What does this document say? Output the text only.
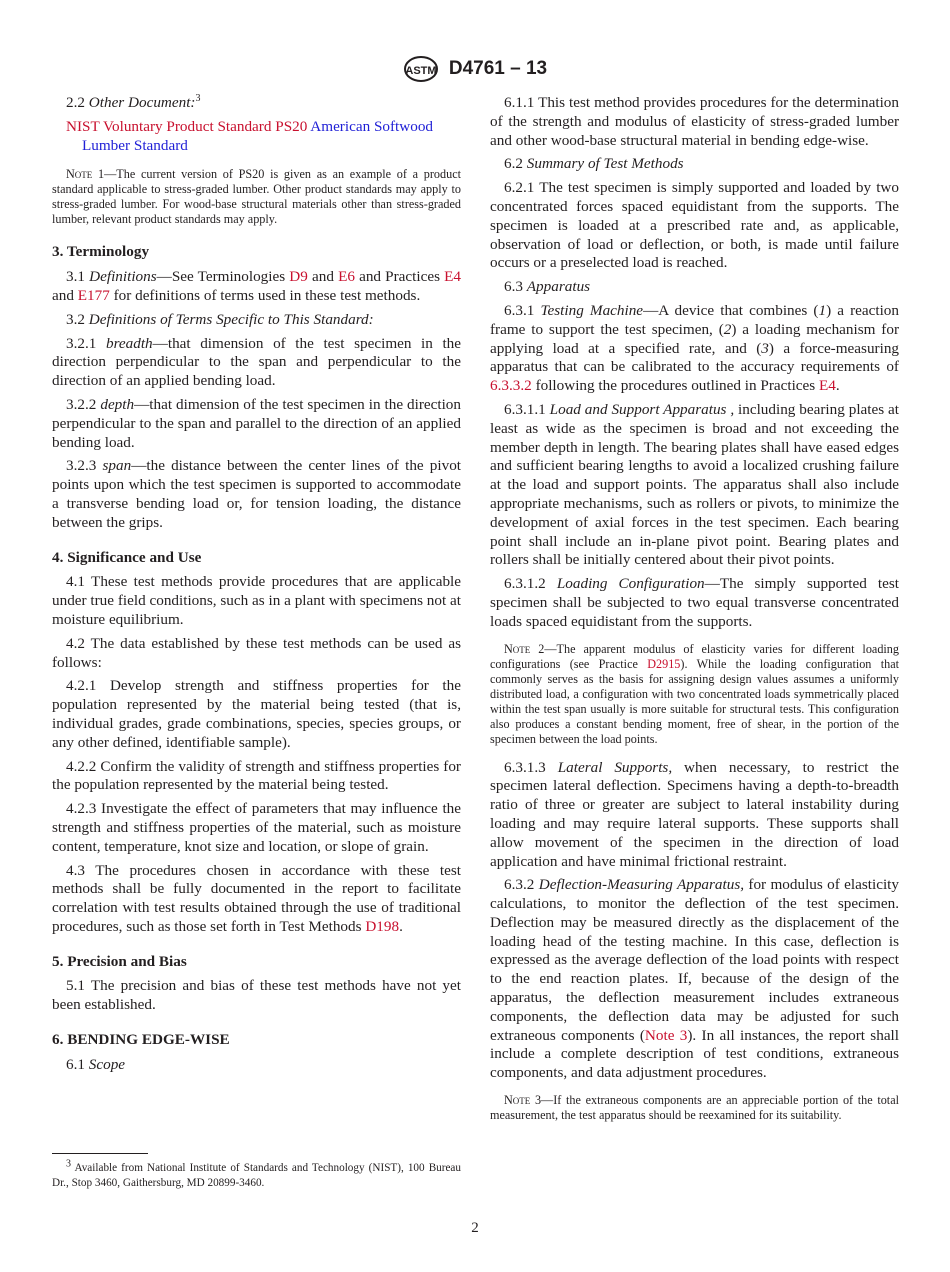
ASTM D4761 – 13

2.2 Other Document:$^3$

NIST Voluntary Product Standard PS20 American Softwood Lumber Standard

Note 1—The current version of PS20 is given as an example of a product standard applicable to stress-graded lumber. Other product standards may apply to stress-graded lumber. For wood-base structural materials other than stress-graded lumber, relevant product standards may apply.

3. Terminology

3.1 Definitions—See Terminologies D9 and E6 and Practices E4 and E177 for definitions of terms used in these test methods.

3.2 Definitions of Terms Specific to This Standard:

3.2.1 breadth—that dimension of the test specimen in the direction perpendicular to the span and perpendicular to the direction of an applied bending load.

3.2.2 depth—that dimension of the test specimen in the direction perpendicular to the span and parallel to the direction of an applied bending load.

3.2.3 span—the distance between the center lines of the pivot points upon which the test specimen is supported to accommodate a transverse bending load or, for tension loading, the distance between the grips.

4. Significance and Use

4.1 These test methods provide procedures that are applicable under true field conditions, such as in a plant with specimens not at moisture equilibrium.

4.2 The data established by these test methods can be used as follows:

4.2.1 Develop strength and stiffness properties for the population represented by the material being tested (that is, individual grades, grade combinations, species, species groups, or any other defined, identifiable sample).

4.2.2 Confirm the validity of strength and stiffness properties for the population represented by the material being tested.

4.2.3 Investigate the effect of parameters that may influence the strength and stiffness properties of the material, such as moisture content, temperature, knot size and location, or slope of grain.

4.3 The procedures chosen in accordance with these test methods shall be fully documented in the report to facilitate correlation with test results obtained through the use of traditional procedures, such as those set forth in Test Methods D198.

5. Precision and Bias

5.1 The precision and bias of these test methods have not yet been established.

6. BENDING EDGE-WISE

6.1 Scope

6.1.1 This test method provides procedures for the determination of the strength and modulus of elasticity of stress-graded lumber and other wood-base structural material in bending edge-wise.

6.2 Summary of Test Methods

6.2.1 The test specimen is simply supported and loaded by two concentrated forces spaced equidistant from the supports. The specimen is loaded at a prescribed rate and, as applicable, observation of load or deflection, or both, is made until failure occurs or a preselected load is reached.

6.3 Apparatus

6.3.1 Testing Machine—A device that combines (1) a reaction frame to support the test specimen, (2) a loading mechanism for applying load at a specified rate, and (3) a force-measuring apparatus that can be calibrated to the accuracy requirements of 6.3.3.2 following the procedures outlined in Practices E4.

6.3.1.1 Load and Support Apparatus , including bearing plates at least as wide as the specimen is broad and not exceeding the member depth in length. The bearing plates shall have eased edges and sufficient bearing lengths to avoid a localized crushing failure at the load and support points. The apparatus shall also include appropriate mechanisms, such as rollers or pivots, to minimize the development of axial forces in the test specimen. Each bearing point shall include an in-plane pivot point. Bearing plates and rollers shall be initially centered about their pivot points.

6.3.1.2 Loading Configuration—The simply supported test specimen shall be subjected to two equal transverse concentrated loads spaced equidistant from the supports.

Note 2—The apparent modulus of elasticity varies for different loading configurations (see Practice D2915). While the loading configuration that commonly serves as the basis for assigning design values assumes a uniformly distributed load, a configuration with two concentrated loads symmetrically placed within the test span usually is more suitable for structural tests. This configuration also produces a constant bending moment, free of shear, in the portion of the specimen between the load points.

6.3.1.3 Lateral Supports, when necessary, to restrict the specimen lateral deflection. Specimens having a depth-to-breadth ratio of three or greater are subject to lateral instability during loading and may require lateral supports. These supports shall allow movement of the specimen in the direction of load application and have minimal frictional restraint.

6.3.2 Deflection-Measuring Apparatus, for modulus of elasticity calculations, to monitor the deflection of the test specimen. Deflection may be measured directly as the displacement of the loading head of the testing machine. In this case, deflection is expressed as the average deflection of the load points with respect to the end reaction plates. If, because of the design of the apparatus, the deflection measurement includes extraneous components, the deflection data may be adjusted for such extraneous components (Note 3). In all instances, the report shall include a complete description of test conditions, extraneous components, and data adjustment procedures.

Note 3—If the extraneous components are an appreciable portion of the total measurement, the test apparatus should be reexamined for its suitability.

$^3$ Available from National Institute of Standards and Technology (NIST), 100 Bureau Dr., Stop 3460, Gaithersburg, MD 20899-3460.
2
